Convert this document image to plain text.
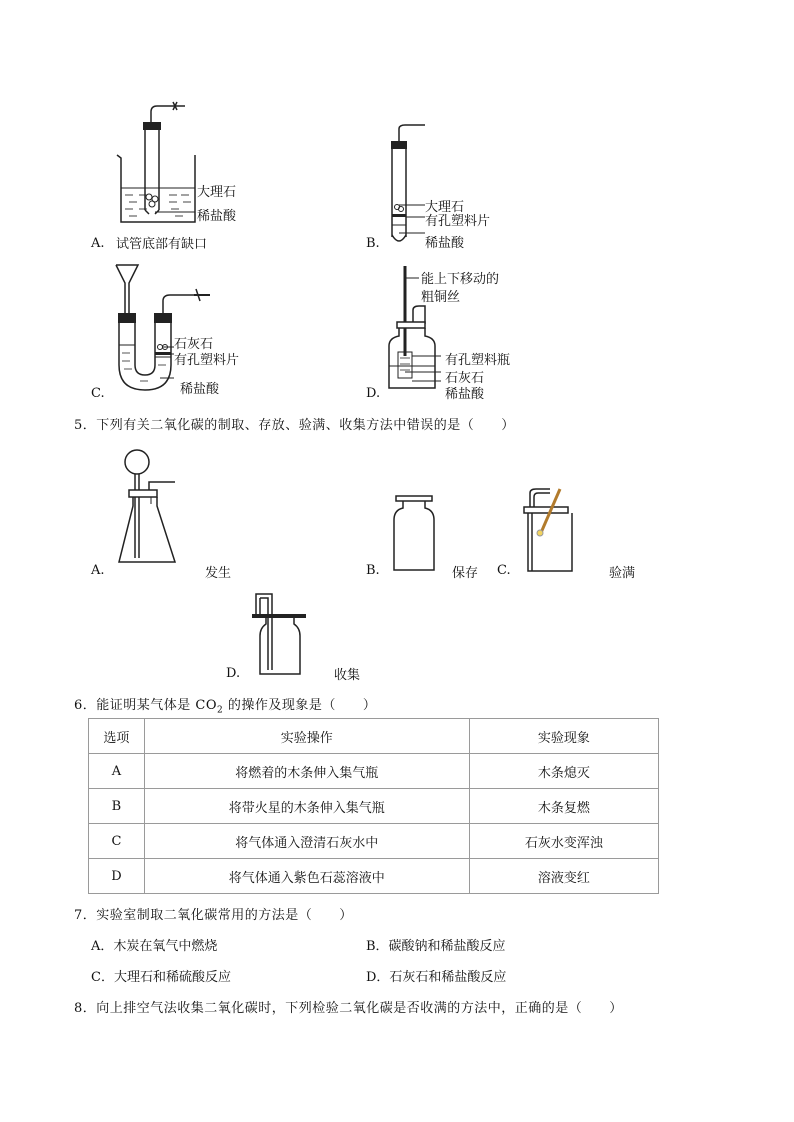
大理石
稀盐酸
A. 试管底部有缺口
大理石
有孔塑料片
稀盐酸
B.
石灰石
有孔塑料片
稀盐酸
C.
能上下移动的
粗铜丝
有孔塑料瓶
石灰石
稀盐酸
D.
5．下列有关二氧化碳的制取、存放、验满、收集方法中错误的是（　　）
A.	发生	B.	保存 C.	验满
D.	收集
6．能证明某气体是 $CO_2$ 的操作及现象是（　　）
选项	实验操作	实验现象
A	将燃着的木条伸入集气瓶	木条熄灭
B	将带火星的木条伸入集气瓶	木条复燃
C	将气体通入澄清石灰水中	石灰水变浑浊
D	将气体通入紫色石蕊溶液中	溶液变红
7．实验室制取二氧化碳常用的方法是（　　）
A．木炭在氧气中燃烧	B．碳酸钠和稀盐酸反应
C．大理石和稀硫酸反应	D．石灰石和稀盐酸反应
8．向上排空气法收集二氧化碳时，下列检验二氧化碳是否收满的方法中，正确的是（　　）
